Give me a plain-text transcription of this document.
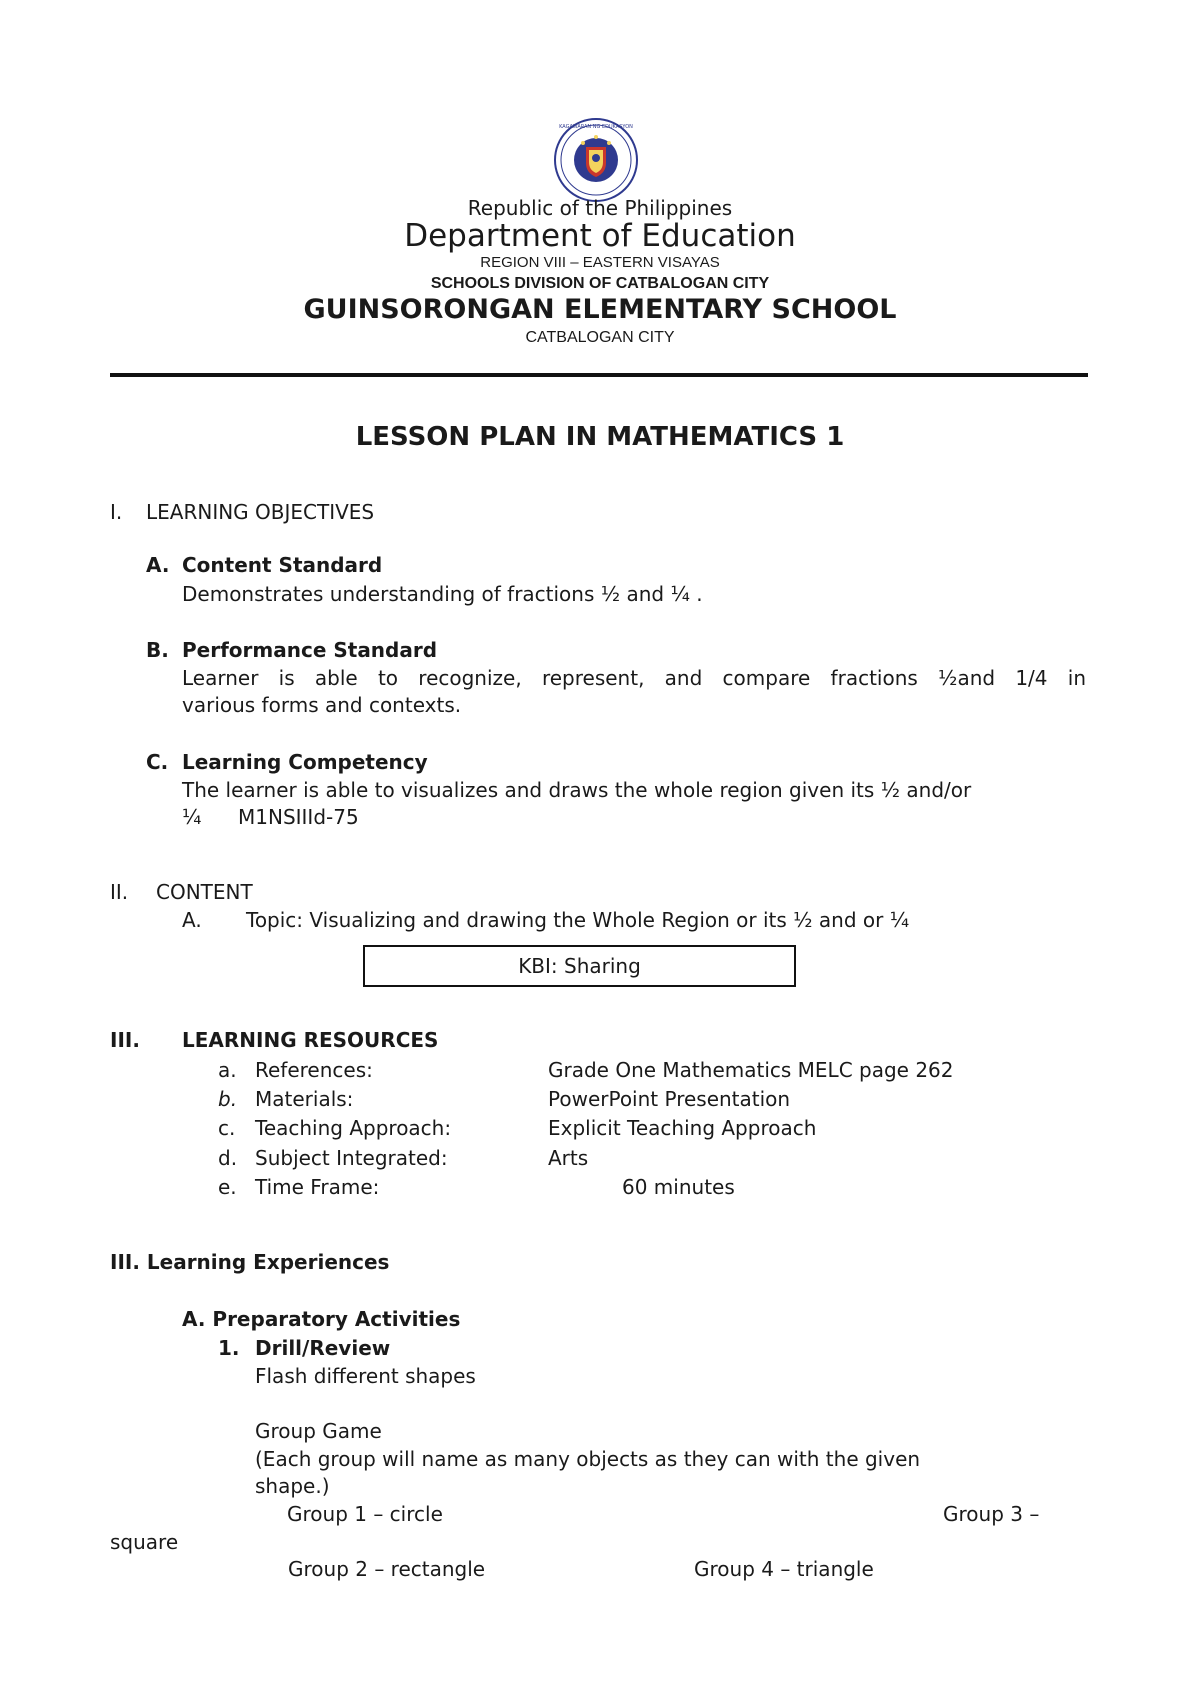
KAGAWARAN NG EDUKASYON
Republic of the Philippines
Department of Education
REGION VIII – EASTERN VISAYAS
SCHOOLS DIVISION OF CATBALOGAN CITY
GUINSORONGAN ELEMENTARY SCHOOL
CATBALOGAN CITY
LESSON PLAN IN MATHEMATICS 1
I. LEARNING OBJECTIVES
A. Content Standard
Demonstrates understanding of fractions ½ and ¼ .
B. Performance Standard
Learner is able to recognize, represent, and compare fractions ½and 1/4 in
various forms and contexts.
C. Learning Competency
The learner is able to visualizes and draws the whole region given its ½ and/or
¼ M1NSIIId-75
II. CONTENT
A. Topic: Visualizing and drawing the Whole Region or its ½ and or ¼
KBI: Sharing
III. LEARNING RESOURCES
a. References:	Grade One Mathematics MELC page 262
b. Materials:	PowerPoint Presentation
c. Teaching Approach:	Explicit Teaching Approach
d. Subject Integrated:	Arts
e. Time Frame:	60 minutes
III. Learning Experiences
A. Preparatory Activities
1. Drill/Review
Flash different shapes
Group Game
(Each group will name as many objects as they can with the given
shape.)
Group 1 – circle	Group 3 –
square
Group 2 – rectangle	Group 4 – triangle
